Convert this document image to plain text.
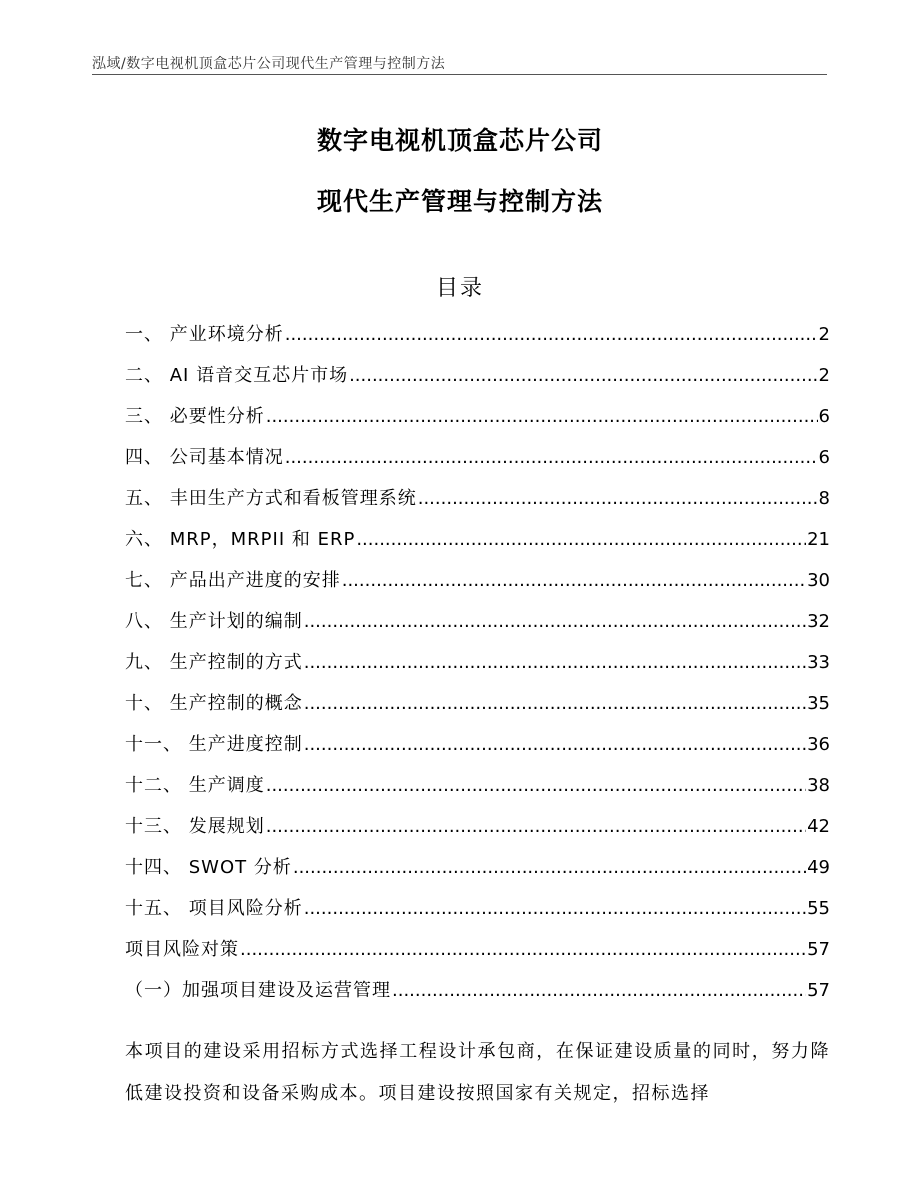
泓域/数字电视机顶盒芯片公司现代生产管理与控制方法
数字电视机顶盒芯片公司
现代生产管理与控制方法
目录
一、 产业环境分析 .....	2
二、 AI 语音交互芯片市场 .....	2
三、 必要性分析 .....	6
四、 公司基本情况 .....	6
五、 丰田生产方式和看板管理系统 .....	8
六、 MRP，MRPII 和 ERP .....	21
七、 产品出产进度的安排 .....	30
八、 生产计划的编制 .....	32
九、 生产控制的方式 .....	33
十、 生产控制的概念 .....	35
十一、 生产进度控制 .....	36
十二、 生产调度 .....	38
十三、 发展规划 .....	42
十四、 SWOT 分析 .....	49
十五、 项目风险分析 .....	55
项目风险对策 .....	57
（一）加强项目建设及运营管理 .....	57

本项目的建设采用招标方式选择工程设计承包商，在保证建设质量的同时，努力降低建设投资和设备采购成本。项目建设按照国家有关规定，招标选择
